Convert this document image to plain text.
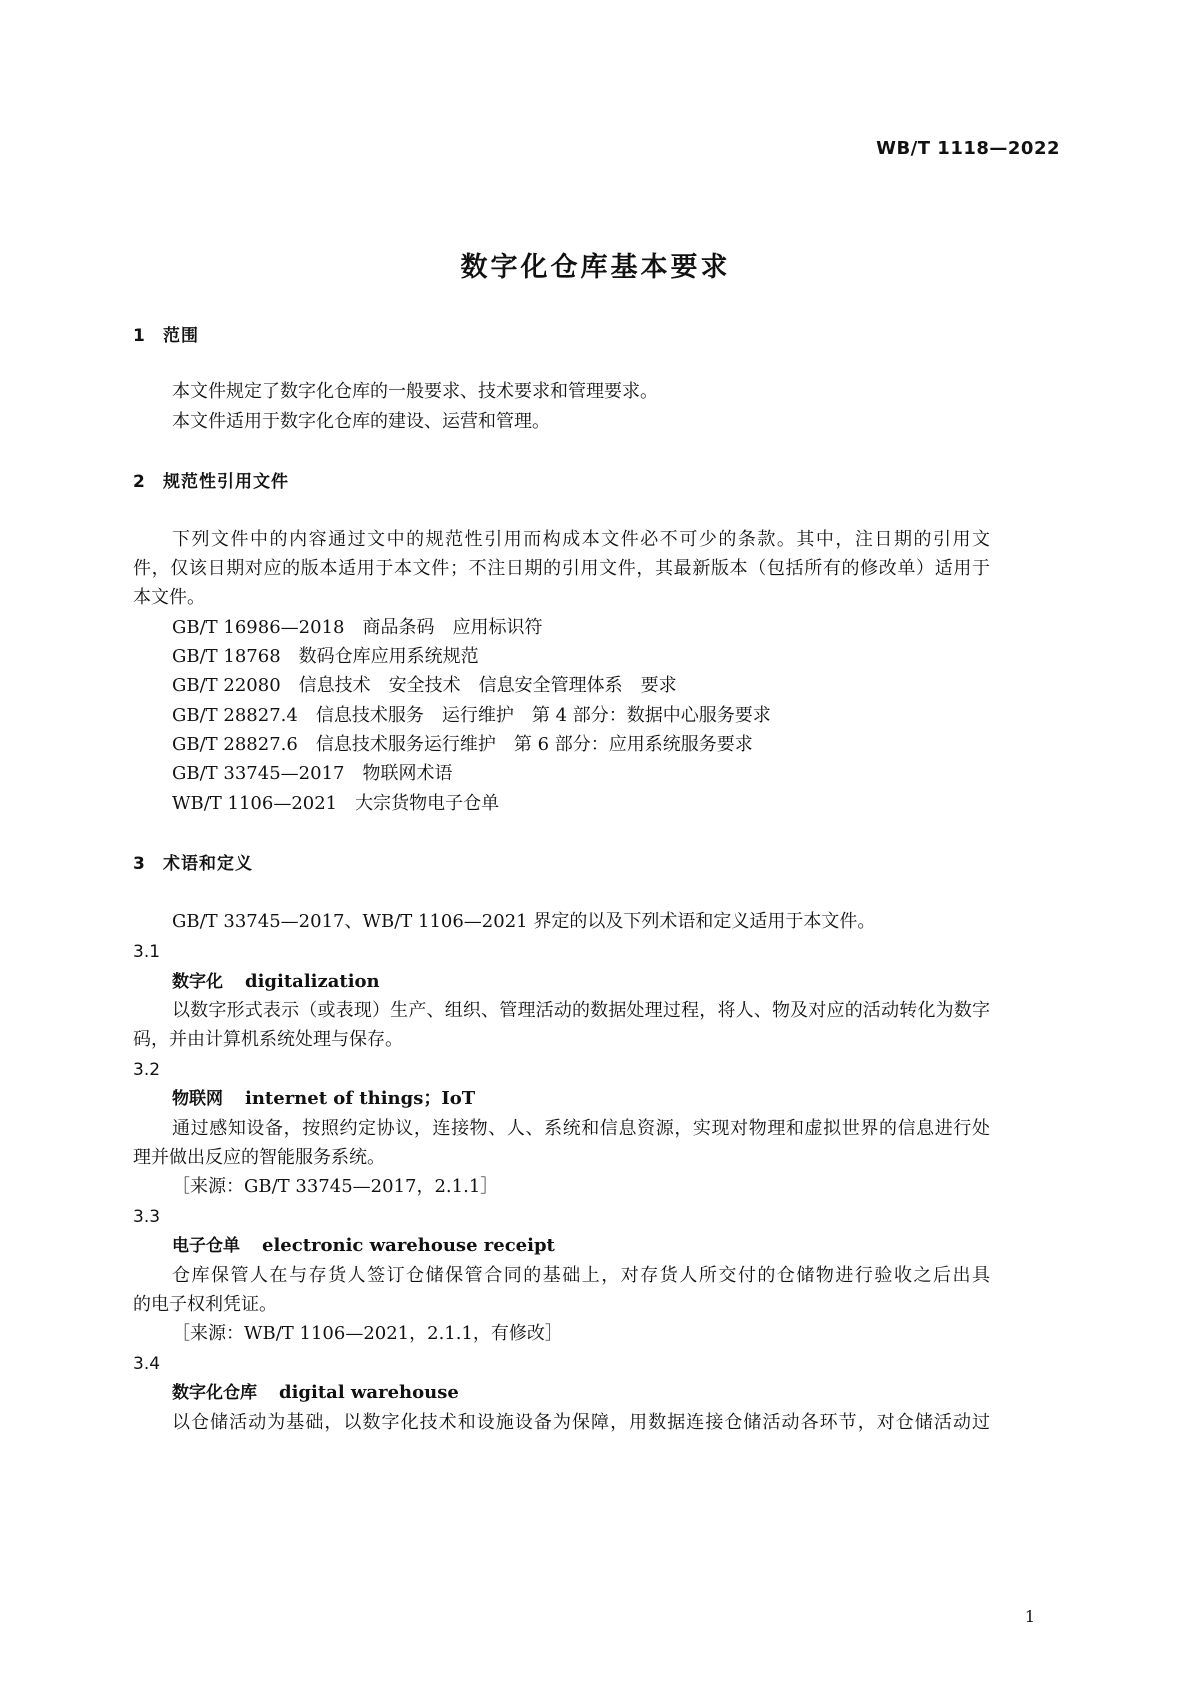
WB/T 1118—2022
数字化仓库基本要求
1 范围
本文件规定了数字化仓库的一般要求、技术要求和管理要求。
本文件适用于数字化仓库的建设、运营和管理。
2 规范性引用文件
下列文件中的内容通过文中的规范性引用而构成本文件必不可少的条款。其中，注日期的引用文
件，仅该日期对应的版本适用于本文件；不注日期的引用文件，其最新版本（包括所有的修改单）适用于
本文件。
GB/T 16986—2018 商品条码　应用标识符
GB/T 18768 数码仓库应用系统规范
GB/T 22080 信息技术　安全技术　信息安全管理体系　要求
GB/T 28827.4 信息技术服务　运行维护　第 4 部分：数据中心服务要求
GB/T 28827.6 信息技术服务运行维护　第 6 部分：应用系统服务要求
GB/T 33745—2017 物联网术语
WB/T 1106—2021 大宗货物电子仓单
3 术语和定义
GB/T 33745—2017、WB/T 1106—2021 界定的以及下列术语和定义适用于本文件。
3.1
数字化 digitalization
以数字形式表示（或表现）生产、组织、管理活动的数据处理过程，将人、物及对应的活动转化为数字
码，并由计算机系统处理与保存。
3.2
物联网 internet of things；IoT
通过感知设备，按照约定协议，连接物、人、系统和信息资源，实现对物理和虚拟世界的信息进行处
理并做出反应的智能服务系统。
［来源：GB/T 33745—2017，2.1.1］
3.3
电子仓单 electronic warehouse receipt
仓库保管人在与存货人签订仓储保管合同的基础上，对存货人所交付的仓储物进行验收之后出具
的电子权利凭证。
［来源：WB/T 1106—2021，2.1.1，有修改］
3.4
数字化仓库 digital warehouse
以仓储活动为基础，以数字化技术和设施设备为保障，用数据连接仓储活动各环节，对仓储活动过
1
